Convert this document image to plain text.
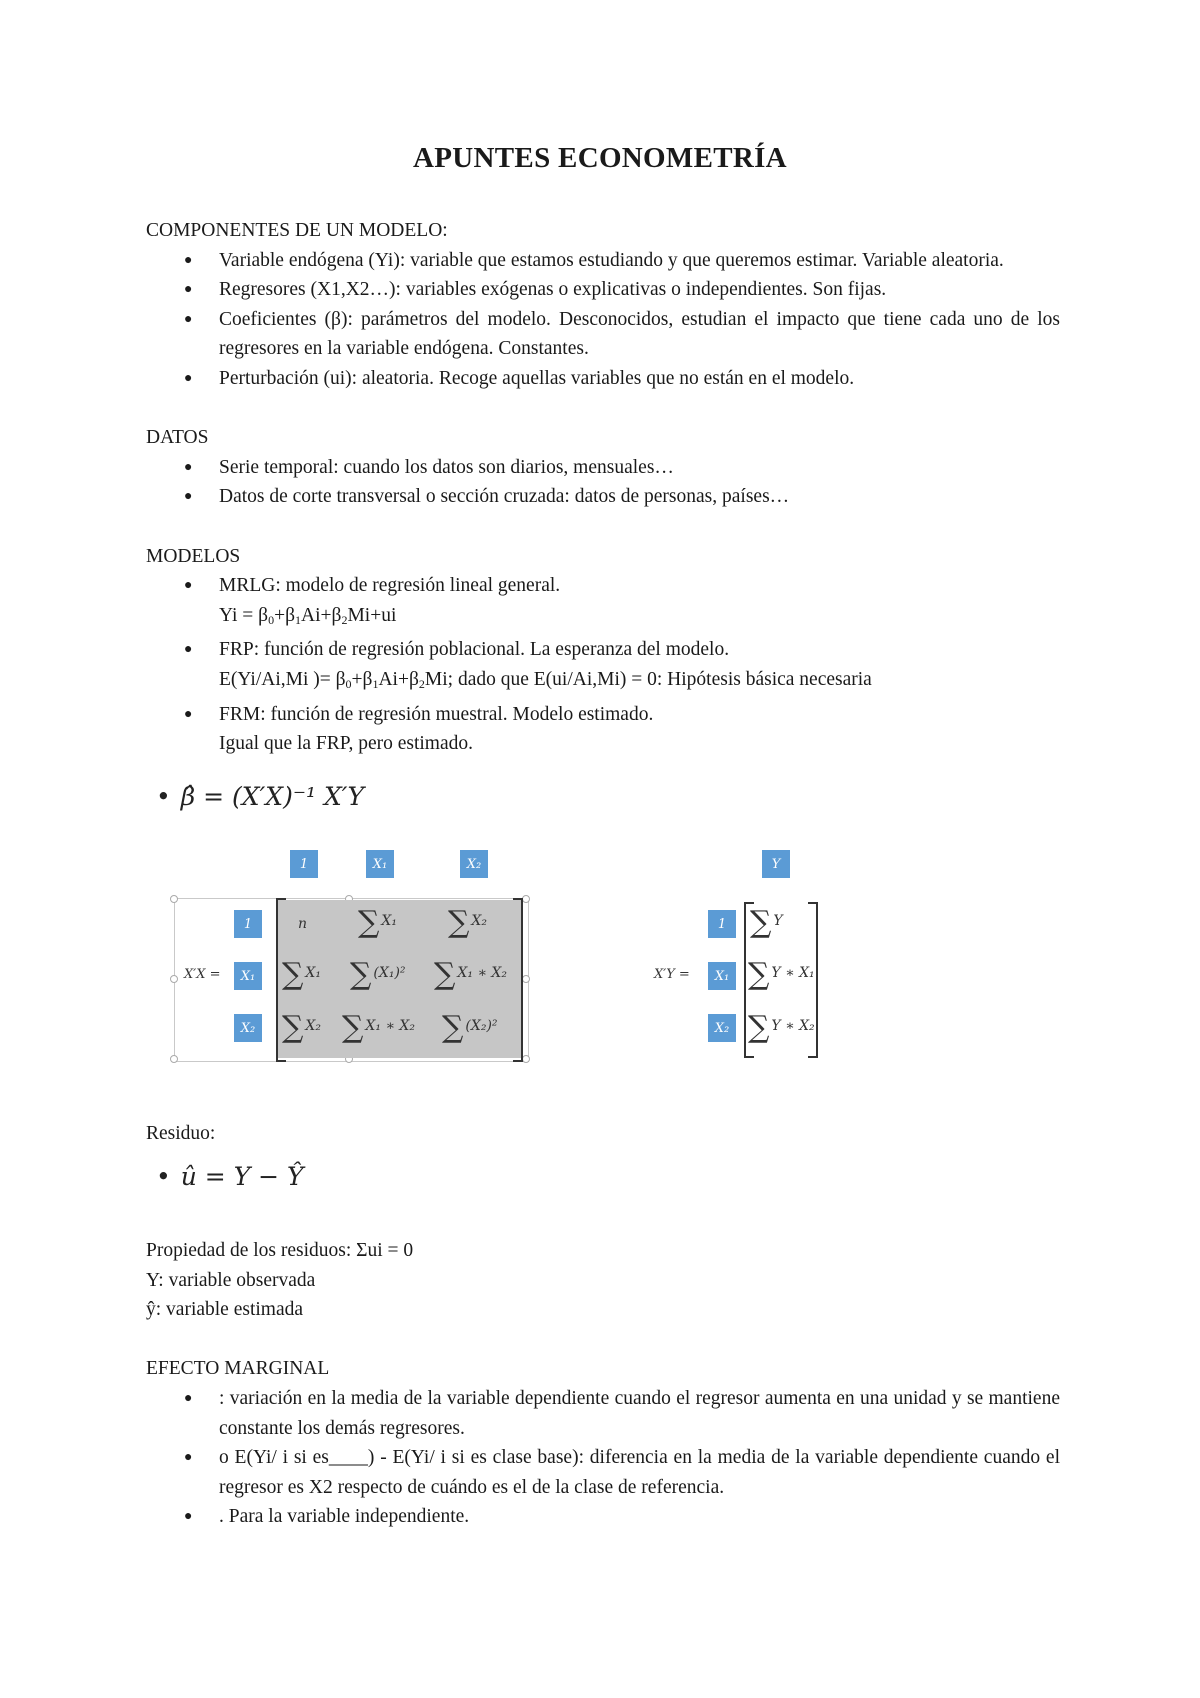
APUNTES ECONOMETRÍA

COMPONENTES DE UN MODELO:

● Variable endógena (Yi): variable que estamos estudiando y que queremos estimar. Variable aleatoria.
● Regresores (X1,X2…): variables exógenas o explicativas o independientes. Son fijas.
● Coeficientes (β): parámetros del modelo. Desconocidos, estudian el impacto que tiene cada uno de los regresores en la variable endógena. Constantes.
● Perturbación (ui): aleatoria. Recoge aquellas variables que no están en el modelo.

DATOS

● Serie temporal: cuando los datos son diarios, mensuales…
● Datos de corte transversal o sección cruzada: datos de personas, países…

MODELOS

● MRLG: modelo de regresión lineal general.
$Yi = \beta_0+\beta_1Ai+\beta_2Mi+ui$
● FRP: función de regresión poblacional. La esperanza del modelo.
E(Yi/Ai,Mi )= $\beta_0+\beta_1Ai+\beta_2Mi$; dado que E(ui/Ai,Mi) = 0: Hipótesis básica necesaria
● FRM: función de regresión muestral. Modelo estimado.
Igual que la FRP, pero estimado.
• β̂ = (X′X)⁻¹ X′Y
X′X =
1	X₁	X₂
1
X₁
X₂
n ∑ X₁ ∑ X₂
∑ X₁ ∑ (X₁)² ∑ X₁ ∗ X₂
∑ X₂ ∑ X₁ ∗ X₂ ∑ (X₂)²
X′Y =
Y
1
X₁
X₂
∑ Y
∑ Y ∗ X₁
∑ Y ∗ X₂
Residuo:
• û = Y − Ŷ
Propiedad de los residuos: Σui = 0
Y: variable observada
ŷ: variable estimada

EFECTO MARGINAL

● : variación en la media de la variable dependiente cuando el regresor aumenta en una unidad y se mantiene constante los demás regresores.
● o E(Yi/ i si es____) - E(Yi/ i si es clase base): diferencia en la media de la variable dependiente cuando el regresor es X2 respecto de cuándo es el de la clase de referencia.
● . Para la variable independiente.
